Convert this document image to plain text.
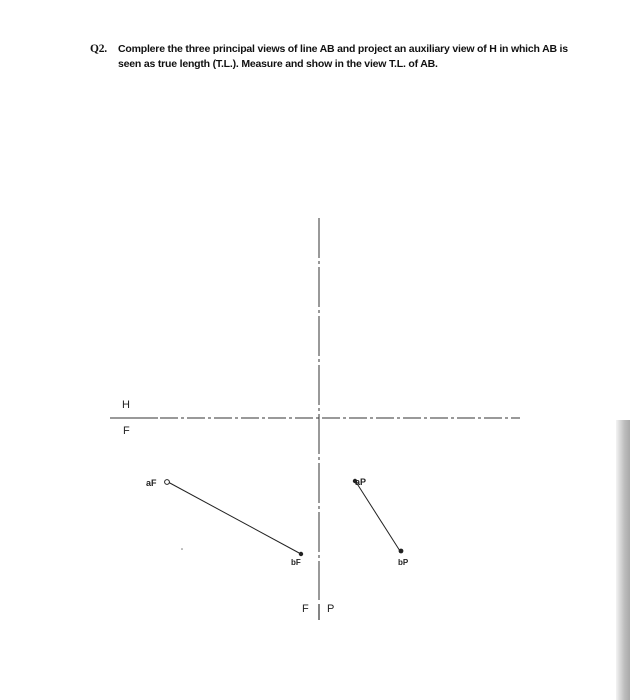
Q2. Complere the three principal views of line AB and project an auxiliary view of H in which AB is
seen as true length (T.L.). Measure and show in the view T.L. of AB.
H
F
F P
aF
bF
aP
bP
